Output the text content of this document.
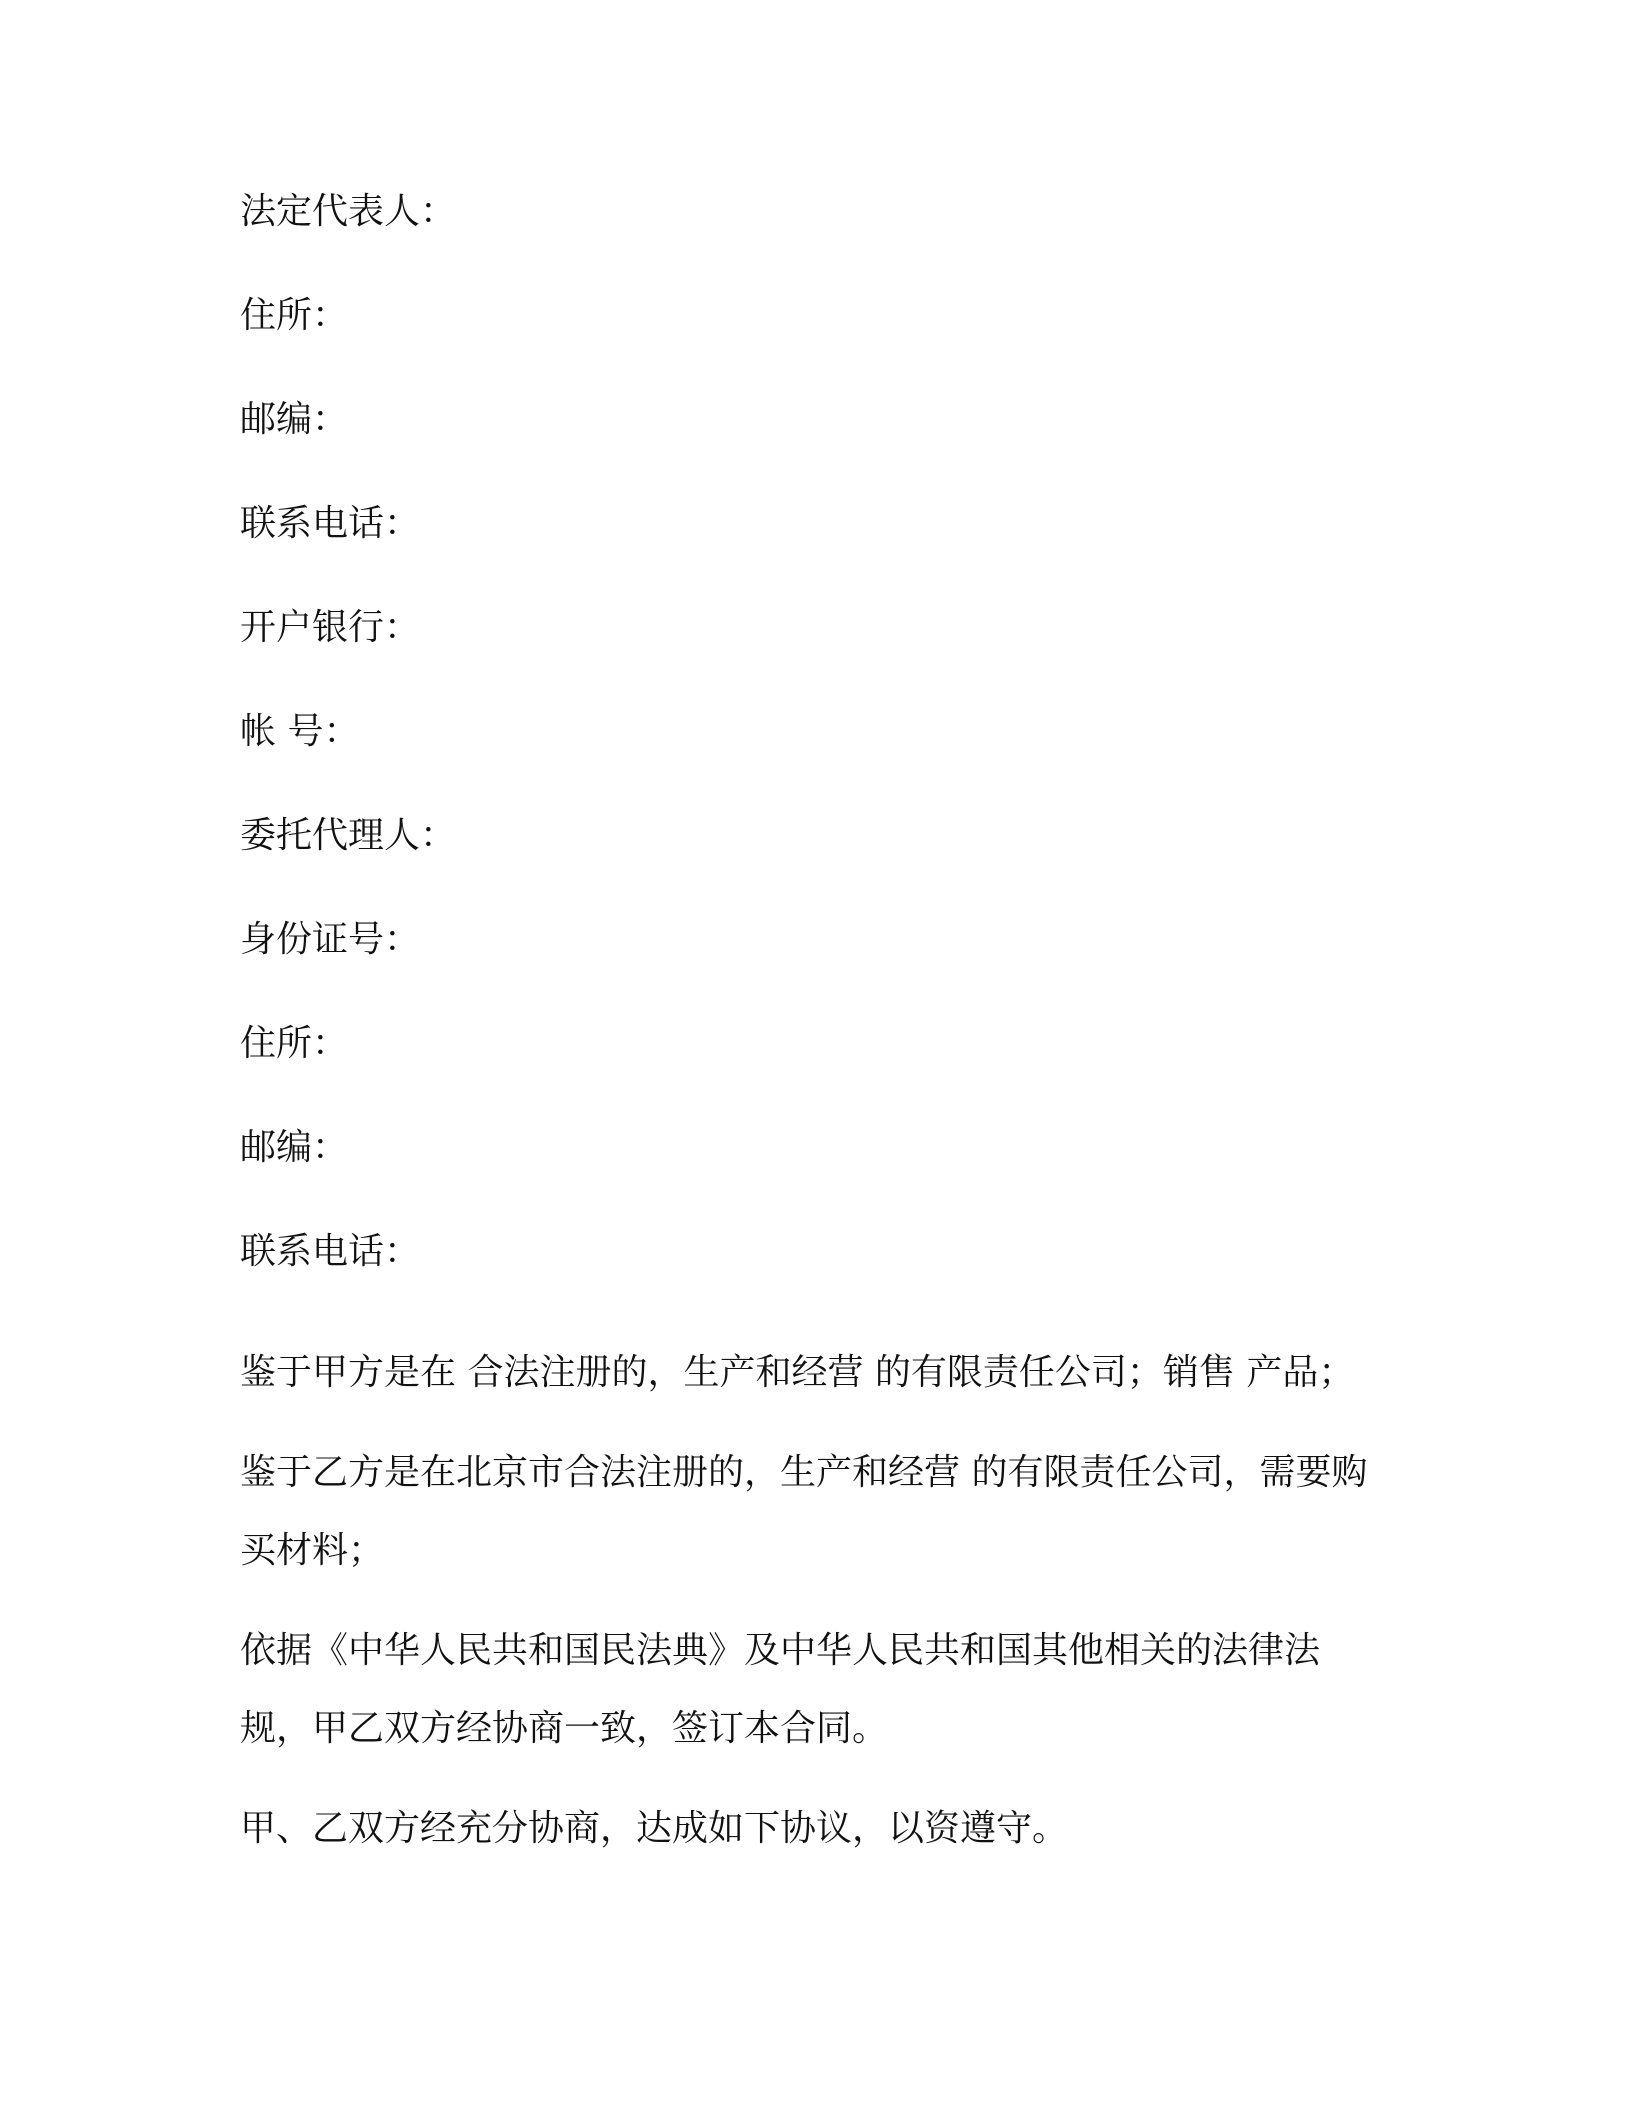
法定代表人：
住所：
邮编：
联系电话：
开户银行：
帐 号：
委托代理人：
身份证号：
住所：
邮编：
联系电话：

鉴于甲方是在 合法注册的，生产和经营 的有限责任公司；销售 产品；

鉴于乙方是在北京市合法注册的，生产和经营 的有限责任公司，需要购买材料；

依据《中华人民共和国民法典》及中华人民共和国其他相关的法律法规，甲乙双方经协商一致，签订本合同。

甲、乙双方经充分协商，达成如下协议，以资遵守。
